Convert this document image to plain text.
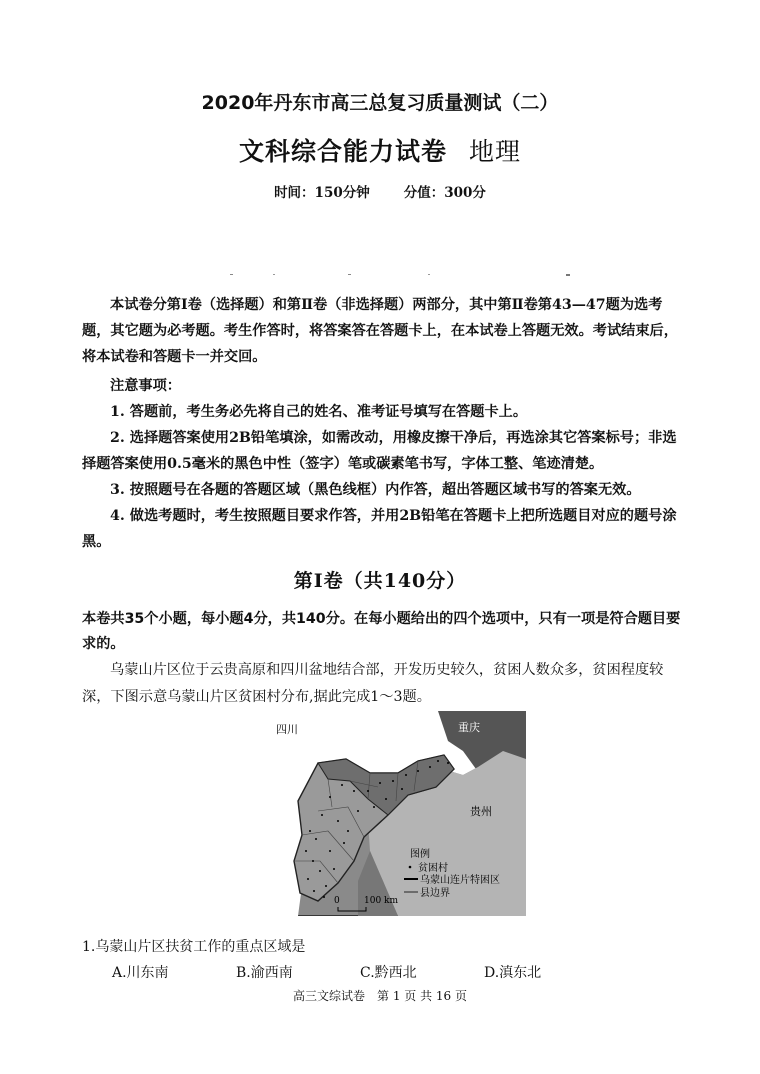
2020年丹东市高三总复习质量测试（二）
文科综合能力试卷 地理
时间：150分钟	分值：300分
本试卷分第Ⅰ卷（选择题）和第Ⅱ卷（非选择题）两部分，其中第Ⅱ卷第43—47题为选考题，其它题为必考题。考生作答时，将答案答在答题卡上，在本试卷上答题无效。考试结束后，将本试卷和答题卡一并交回。
注意事项：
1. 答题前，考生务必先将自己的姓名、准考证号填写在答题卡上。
2. 选择题答案使用2B铅笔填涂，如需改动，用橡皮擦干净后，再选涂其它答案标号；非选择题答案使用0.5毫米的黑色中性（签字）笔或碳素笔书写，字体工整、笔迹清楚。
3. 按照题号在各题的答题区域（黑色线框）内作答，超出答题区域书写的答案无效。
4. 做选考题时，考生按照题目要求作答，并用2B铅笔在答题卡上把所选题目对应的题号涂黑。
第Ⅰ卷（共140分）
本卷共35个小题，每小题4分，共140分。在每小题给出的四个选项中，只有一项是符合题目要求的。
乌蒙山片区位于云贵高原和四川盆地结合部，开发历史较久，贫困人数众多，贫困程度较深，下图示意乌蒙山片区贫困村分布,据此完成1～3题。
四川	重庆
贵州
云南
图例
贫困村
乌蒙山连片特困区
县边界
0	100 km
1.乌蒙山片区扶贫工作的重点区域是
A.川东南	B.渝西南	C.黔西北	D.滇东北
高三文综试卷　第 1 页 共 16 页
